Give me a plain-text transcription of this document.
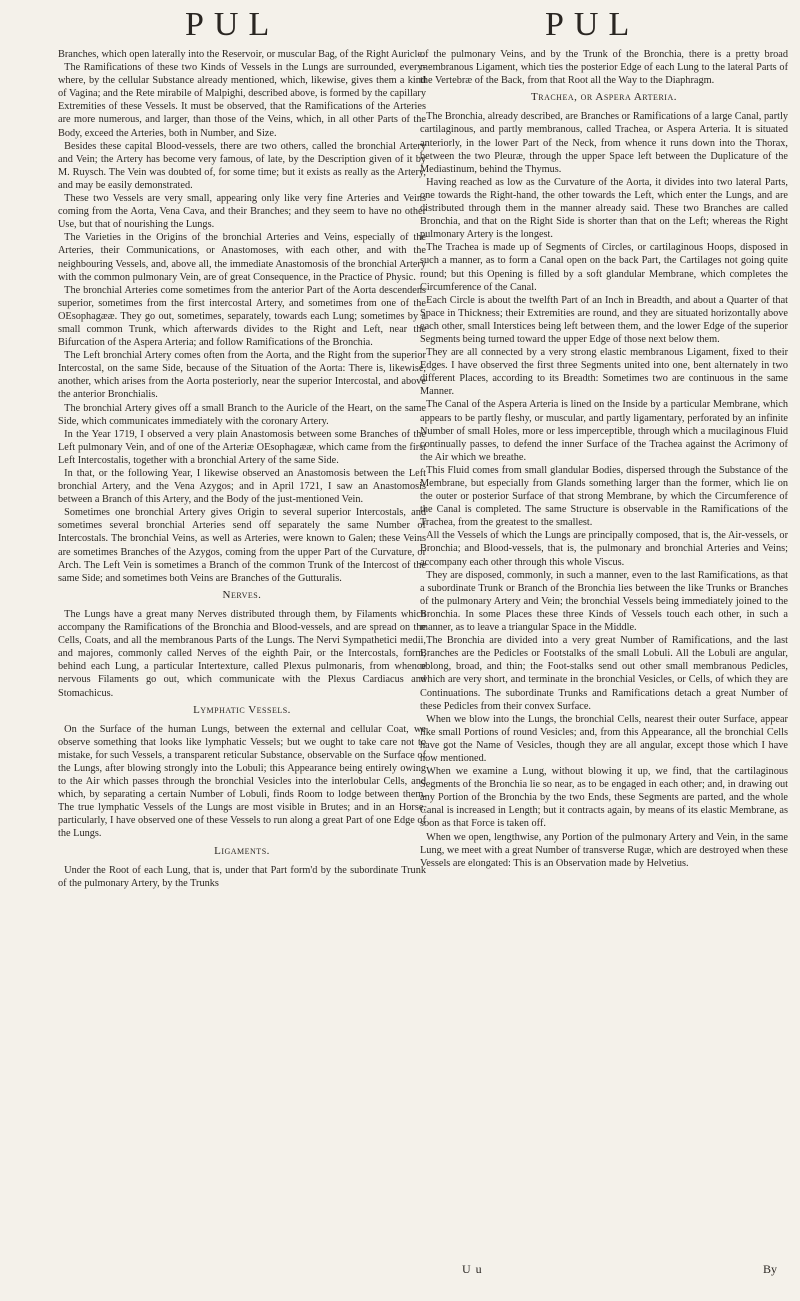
PUL	PUL

Branches, which open laterally into the Reservoir, or muscular Bag, of the Right Auricle.

The Ramifications of these two Kinds of Vessels in the Lungs are surrounded, every-where, by the cellular Substance already mentioned, which, likewise, gives them a kind of Vagina; and the Rete mirabile of Malpighi, described above, is formed by the capillary Extremities of these Vessels. It must be observed, that the Ramifications of the Arteries are more numerous, and larger, than those of the Veins, which, in all other Parts of the Body, exceed the Arteries, both in Number, and Size.

Besides these capital Blood-vessels, there are two others, called the bronchial Artery and Vein; the Artery has become very famous, of late, by the Description given of it by M. Ruysch. The Vein was doubted of, for some time; but it exists as really as the Artery, and may be easily demonstrated.

These two Vessels are very small, appearing only like very fine Arteries and Veins coming from the Aorta, Vena Cava, and their Branches; and they seem to have no other Use, but that of nourishing the Lungs.

The Varieties in the Origins of the bronchial Arteries and Veins, especially of the Arteries, their Communications, or Anastomoses, with each other, and with the neighbouring Vessels, and, above all, the immediate Anastomosis of the bronchial Artery with the common pulmonary Vein, are of great Consequence, in the Practice of Physic.

The bronchial Arteries come sometimes from the anterior Part of the Aorta descendens superior, sometimes from the first intercostal Artery, and sometimes from one of the OEsophagææ. They go out, sometimes, separately, towards each Lung; sometimes by a small common Trunk, which afterwards divides to the Right and Left, near the Bifurcation of the Aspera Arteria; and follow Ramifications of the Bronchia.

The Left bronchial Artery comes often from the Aorta, and the Right from the superior Intercostal, on the same Side, because of the Situation of the Aorta: There is, likewise, another, which arises from the Aorta posteriorly, near the superior Intercostal, and above the anterior Bronchialis.

The bronchial Artery gives off a small Branch to the Auricle of the Heart, on the same Side, which communicates immediately with the coronary Artery.

In the Year 1719, I observed a very plain Anastomosis between some Branches of the Left pulmonary Vein, and of one of the Arteriæ OEsophagææ, which came from the first Left Intercostalis, together with a bronchial Artery of the same Side.

In that, or the following Year, I likewise observed an Anastomosis between the Left bronchial Artery, and the Vena Azygos; and in April 1721, I saw an Anastomosis between a Branch of this Artery, and the Body of the just-mentioned Vein.

Sometimes one bronchial Artery gives Origin to several superior Intercostals, and sometimes several bronchial Arteries send off separately the same Number of Intercostals. The bronchial Veins, as well as Arteries, were known to Galen; these Veins are sometimes Branches of the Azygos, coming from the upper Part of the Curvature, or Arch. The Left Vein is sometimes a Branch of the common Trunk of the Intercost of the same Side; and sometimes both Veins are Branches of the Gutturalis.

Nerves.

The Lungs have a great many Nerves distributed through them, by Filaments which accompany the Ramifications of the Bronchia and Blood-vessels, and are spread on the Cells, Coats, and all the membranous Parts of the Lungs. The Nervi Sympathetici medii, and majores, commonly called Nerves of the eighth Pair, or the Intercostals, form, behind each Lung, a particular Intertexture, called Plexus pulmonaris, from whence nervous Filaments go out, which communicate with the Plexus Cardiacus and Stomachicus.

Lymphatic Vessels.

On the Surface of the human Lungs, between the external and cellular Coat, we observe something that looks like lymphatic Vessels; but we ought to take care not to mistake, for such Vessels, a transparent reticular Substance, observable on the Surface of the Lungs, after blowing strongly into the Lobuli; this Appearance being entirely owing to the Air which passes through the bronchial Vesicles into the interlobular Cells, and which, by separating a certain Number of Lobuli, finds Room to lodge between them. The true lymphatic Vessels of the Lungs are most visible in Brutes; and in an Horse, particularly, I have observed one of these Vessels to run along a great Part of one Edge of the Lungs.

Ligaments.

Under the Root of each Lung, that is, under that Part form'd by the subordinate Trunk of the pulmonary Artery, by the Trunks

of the pulmonary Veins, and by the Trunk of the Bronchia, there is a pretty broad membranous Ligament, which ties the posterior Edge of each Lung to the lateral Parts of the Vertebræ of the Back, from that Root all the Way to the Diaphragm.

Trachea, or Aspera Arteria.

The Bronchia, already described, are Branches or Ramifications of a large Canal, partly cartilaginous, and partly membranous, called Trachea, or Aspera Arteria. It is situated anteriorly, in the lower Part of the Neck, from whence it runs down into the Thorax, between the two Pleuræ, through the upper Space left between the Duplicature of the Mediastinum, behind the Thymus.

Having reached as low as the Curvature of the Aorta, it divides into two lateral Parts, one towards the Right-hand, the other towards the Left, which enter the Lungs, and are distributed through them in the manner already said. These two Branches are called Bronchia, and that on the Right Side is shorter than that on the Left; whereas the Right pulmonary Artery is the longest.

The Trachea is made up of Segments of Circles, or cartilaginous Hoops, disposed in such a manner, as to form a Canal open on the back Part, the Cartilages not going quite round; but this Opening is filled by a soft glandular Membrane, which completes the Circumference of the Canal.

Each Circle is about the twelfth Part of an Inch in Breadth, and about a Quarter of that Space in Thickness; their Extremities are round, and they are situated horizontally above each other, small Interstices being left between them, and the lower Edge of the superior Segments being turned toward the upper Edge of those next below them.

They are all connected by a very strong elastic membranous Ligament, fixed to their Edges. I have observed the first three Segments united into one, bent alternately in two different Places, according to its Breadth: Sometimes two are continuous in the same Manner.

The Canal of the Aspera Arteria is lined on the Inside by a particular Membrane, which appears to be partly fleshy, or muscular, and partly ligamentary, perforated by an infinite Number of small Holes, more or less imperceptible, through which a mucilaginous Fluid continually passes, to defend the inner Surface of the Trachea against the Acrimony of the Air which we breathe.

This Fluid comes from small glandular Bodies, dispersed through the Substance of the Membrane, but especially from Glands something larger than the former, which lie on the outer or posterior Surface of that strong Membrane, by which the Circumference of the Canal is completed. The same Structure is observable in the Ramifications of the Trachea, from the greatest to the smallest.

All the Vessels of which the Lungs are principally composed, that is, the Air-vessels, or Bronchia; and Blood-vessels, that is, the pulmonary and bronchial Arteries and Veins; accompany each other through this whole Viscus.

They are disposed, commonly, in such a manner, even to the last Ramifications, as that a subordinate Trunk or Branch of the Bronchia lies between the like Trunks or Branches of the pulmonary Artery and Vein; the bronchial Vessels being immediately joined to the Bronchia. In some Places these three Kinds of Vessels touch each other, in such a manner, as to leave a triangular Space in the Middle.

The Bronchia are divided into a very great Number of Ramifications, and the last Branches are the Pedicles or Footstalks of the small Lobuli. All the Lobuli are angular, oblong, broad, and thin; the Foot-stalks send out other small membranous Pedicles, which are very short, and terminate in the bronchial Vesicles, or Cells, of which they are Continuations. The subordinate Trunks and Ramifications detach a great Number of these Pedicles from their convex Surface.

When we blow into the Lungs, the bronchial Cells, nearest their outer Surface, appear like small Portions of round Vesicles; and, from this Appearance, all the bronchial Cells have got the Name of Vesicles, though they are all angular, except those which I have now mentioned.

When we examine a Lung, without blowing it up, we find, that the cartilaginous Segments of the Bronchia lie so near, as to be engaged in each other; and, in drawing out any Portion of the Bronchia by the two Ends, these Segments are parted, and the whole Canal is increased in Length; but it contracts again, by means of its elastic Membrane, as soon as that Force is taken off.

When we open, lengthwise, any Portion of the pulmonary Artery and Vein, in the same Lung, we meet with a great Number of transverse Rugæ, which are destroyed when these Vessels are elongated: This is an Observation made by Helvetius.

U u	By
